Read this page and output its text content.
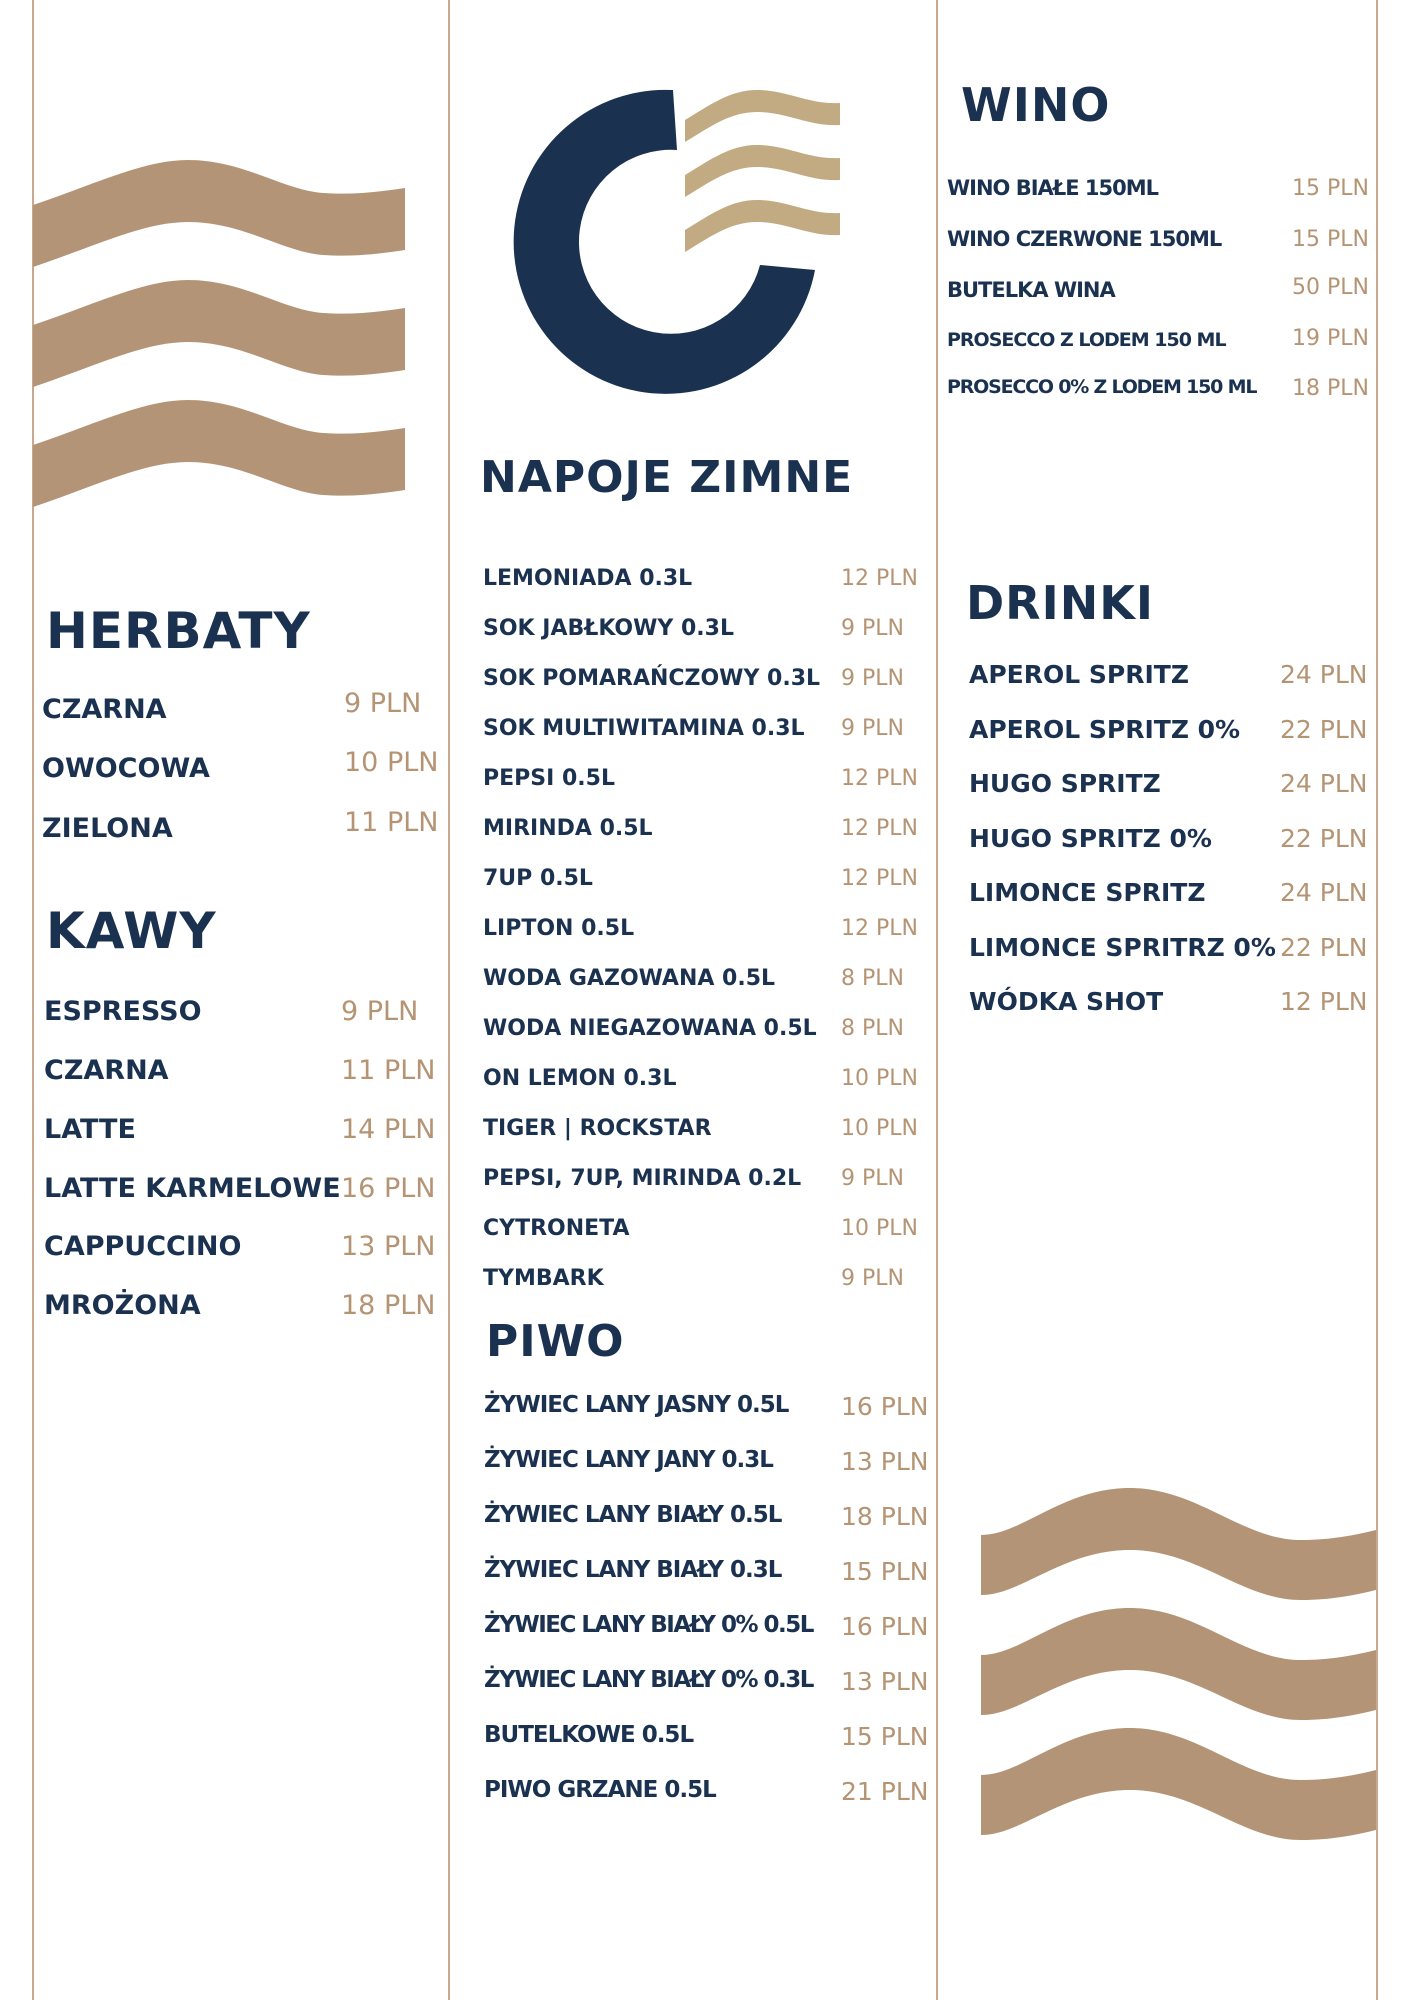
HERBATY
CZARNA	9 PLN
OWOCOWA	10 PLN
ZIELONA	11 PLN
KAWY
ESPRESSO	9 PLN
CZARNA	11 PLN
LATTE	14 PLN
LATTE KARMELOWE 16 PLN
CAPPUCCINO	13 PLN
MROŻONA	18 PLN
NAPOJE ZIMNE
LEMONIADA 0.3L	12 PLN
SOK JABŁKOWY 0.3L	9 PLN
SOK POMARAŃCZOWY 0.3L 9 PLN
SOK MULTIWITAMINA 0.3L 9 PLN
PEPSI 0.5L	12 PLN
MIRINDA 0.5L	12 PLN
7UP 0.5L	12 PLN
LIPTON 0.5L	12 PLN
WODA GAZOWANA 0.5L	8 PLN
WODA NIEGAZOWANA 0.5L 8 PLN
ON LEMON 0.3L	10 PLN
TIGER | ROCKSTAR	10 PLN
PEPSI, 7UP, MIRINDA 0.2L 9 PLN
CYTRONETA	10 PLN
TYMBARK	9 PLN
PIWO
ŻYWIEC LANY JASNY 0.5L 16 PLN
ŻYWIEC LANY JANY 0.3L	13 PLN
ŻYWIEC LANY BIAŁY 0.5L 18 PLN
ŻYWIEC LANY BIAŁY 0.3L 15 PLN
ŻYWIEC LANY BIAŁY 0% 0.5L 16 PLN
ŻYWIEC LANY BIAŁY 0% 0.3L 13 PLN
BUTELKOWE 0.5L	15 PLN
PIWO GRZANE 0.5L	21 PLN
WINO
WINO BIAŁE 150ML	15 PLN
WINO CZERWONE 150ML	15 PLN
BUTELKA WINA	50 PLN
PROSECCO Z LODEM 150 ML	19 PLN
PROSECCO 0% Z LODEM 150 ML 18 PLN
DRINKI
APEROL SPRITZ	24 PLN
APEROL SPRITZ 0% 22 PLN
HUGO SPRITZ	24 PLN
HUGO SPRITZ 0%	22 PLN
LIMONCE SPRITZ	24 PLN
LIMONCE SPRITRZ 0% 22 PLN
WÓDKA SHOT	12 PLN
